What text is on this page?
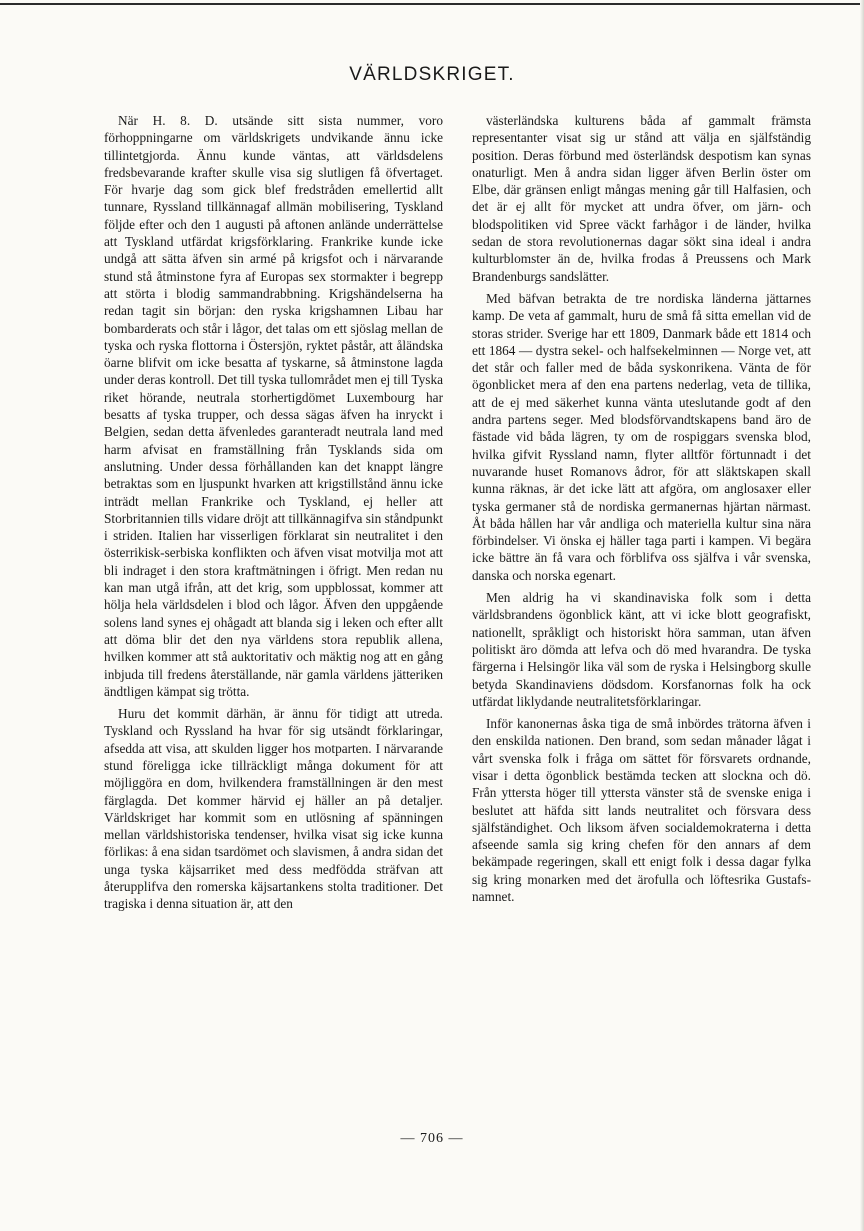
VÄRLDSKRIGET.

När H. 8. D. utsände sitt sista nummer, voro förhoppningarne om världskrigets undvikande ännu icke tillintetgjorda. Ännu kunde väntas, att världsdelens fredsbevarande krafter skulle visa sig slutligen få öfvertaget. För hvarje dag som gick blef fredstråden emellertid allt tunnare, Ryssland tillkännagaf allmän mobilisering, Tyskland följde efter och den 1 augusti på aftonen anlände underrättelse att Tyskland utfärdat krigsförklaring. Frankrike kunde icke undgå att sätta äfven sin armé på krigsfot och i närvarande stund stå åtminstone fyra af Europas sex stormakter i begrepp att störta i blodig sammandrabbning. Krigshändelserna ha redan tagit sin början: den ryska krigshamnen Libau har bombarderats och står i lågor, det talas om ett sjöslag mellan de tyska och ryska flottorna i Östersjön, ryktet påstår, att åländska öarne blifvit om icke besatta af tyskarne, så åtminstone lagda under deras kontroll. Det till tyska tullområdet men ej till Tyska riket hörande, neutrala storhertigdömet Luxembourg har besatts af tyska trupper, och dessa sägas äfven ha inryckt i Belgien, sedan detta äfvenledes garanteradt neutrala land med harm afvisat en framställning från Tysklands sida om anslutning. Under dessa förhållanden kan det knappt längre betraktas som en ljuspunkt hvarken att krigstillstånd ännu icke inträdt mellan Frankrike och Tyskland, ej heller att Storbritannien tills vidare dröjt att tillkännagifva sin ståndpunkt i striden. Italien har visserligen förklarat sin neutralitet i den österrikisk-serbiska konflikten och äfven visat motvilja mot att bli indraget i den stora kraftmätningen i öfrigt. Men redan nu kan man utgå ifrån, att det krig, som uppblossat, kommer att hölja hela världsdelen i blod och lågor. Äfven den uppgående solens land synes ej ohågadt att blanda sig i leken och efter allt att döma blir det den nya världens stora republik allena, hvilken kommer att stå auktoritativ och mäktig nog att en gång inbjuda till fredens återställande, när gamla världens jätteriken ändtligen kämpat sig trötta.

Huru det kommit därhän, är ännu för tidigt att utreda. Tyskland och Ryssland ha hvar för sig utsändt förklaringar, afsedda att visa, att skulden ligger hos motparten. I närvarande stund föreligga icke tillräckligt många dokument för att möjliggöra en dom, hvilkendera framställningen är den mest färglagda. Det kommer härvid ej häller an på detaljer. Världskriget har kommit som en utlösning af spänningen mellan världshistoriska tendenser, hvilka visat sig icke kunna förlikas: å ena sidan tsardömet och slavismen, å andra sidan det unga tyska käjsarriket med dess medfödda sträfvan att återupplifva den romerska käjsartankens stolta traditioner. Det tragiska i denna situation är, att den

västerländska kulturens båda af gammalt främsta representanter visat sig ur stånd att välja en själfständig position. Deras förbund med österländsk despotism kan synas onaturligt. Men å andra sidan ligger äfven Berlin öster om Elbe, där gränsen enligt mångas mening går till Halfasien, och det är ej allt för mycket att undra öfver, om järn- och blodspolitiken vid Spree väckt farhågor i de länder, hvilka sedan de stora revolutionernas dagar sökt sina ideal i andra kulturblomster än de, hvilka frodas å Preussens och Mark Brandenburgs sandslätter.

Med bäfvan betrakta de tre nordiska länderna jättarnes kamp. De veta af gammalt, huru de små få sitta emellan vid de storas strider. Sverige har ett 1809, Danmark både ett 1814 och ett 1864 — dystra sekel- och halfsekelminnen — Norge vet, att det står och faller med de båda syskonrikena. Vänta de för ögonblicket mera af den ena partens nederlag, veta de tillika, att de ej med säkerhet kunna vänta uteslutande godt af den andra partens seger. Med blodsförvandtskapens band äro de fästade vid båda lägren, ty om de rospiggars svenska blod, hvilka gifvit Ryssland namn, flyter alltför förtunnadt i det nuvarande huset Romanovs ådror, för att släktskapen skall kunna räknas, är det icke lätt att afgöra, om anglosaxer eller tyska germaner stå de nordiska germanernas hjärtan närmast. Åt båda hållen har vår andliga och materiella kultur sina nära förbindelser. Vi önska ej häller taga parti i kampen. Vi begära icke bättre än få vara och förblifva oss själfva i vår svenska, danska och norska egenart.

Men aldrig ha vi skandinaviska folk som i detta världsbrandens ögonblick känt, att vi icke blott geografiskt, nationellt, språkligt och historiskt höra samman, utan äfven politiskt äro dömda att lefva och dö med hvarandra. De tyska färgerna i Helsingör lika väl som de ryska i Helsingborg skulle betyda Skandinaviens dödsdom. Korsfanornas folk ha ock utfärdat liklydande neutralitetsförklaringar.

Inför kanonernas åska tiga de små inbördes trätorna äfven i den enskilda nationen. Den brand, som sedan månader lågat i vårt svenska folk i fråga om sättet för försvarets ordnande, visar i detta ögonblick bestämda tecken att slockna och dö. Från yttersta höger till yttersta vänster stå de svenske eniga i beslutet att häfda sitt lands neutralitet och försvara dess själfständighet. Och liksom äfven socialdemokraterna i detta afseende samla sig kring chefen för den annars af dem bekämpade regeringen, skall ett enigt folk i dessa dagar fylka sig kring monarken med det ärofulla och löftesrika Gustafs-namnet.

— 706 —
